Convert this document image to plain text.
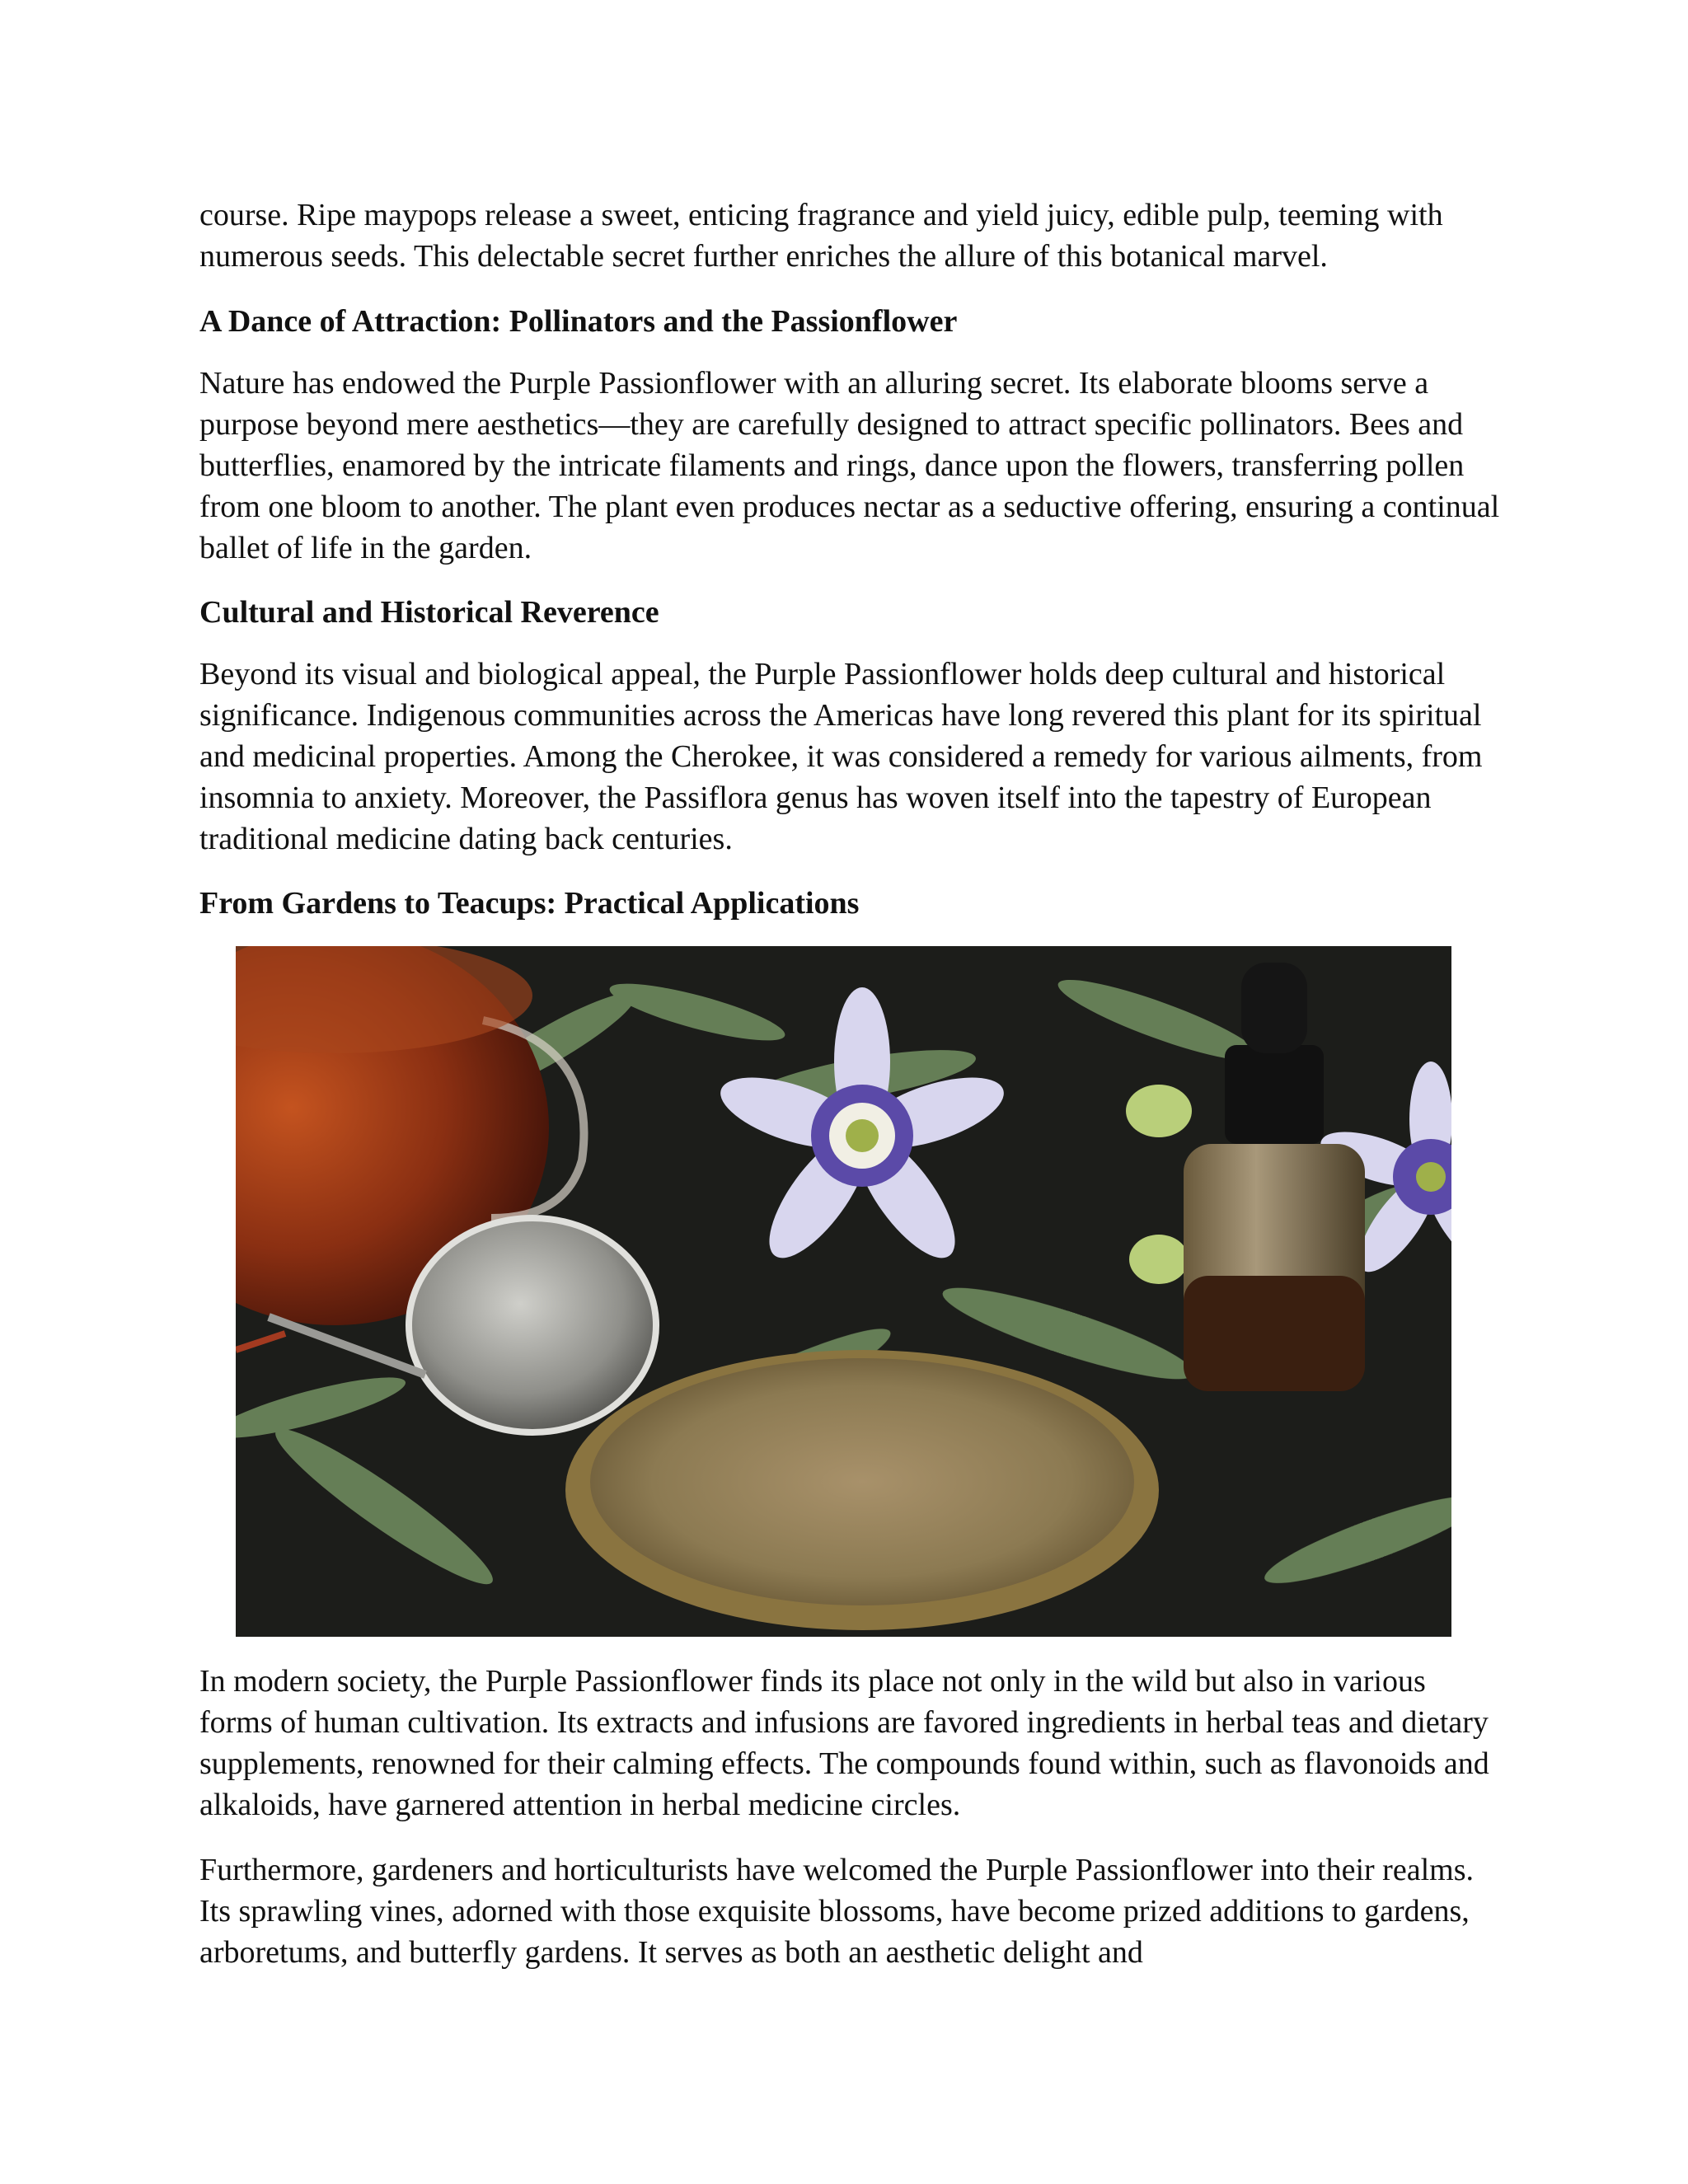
course. Ripe maypops release a sweet, enticing fragrance and yield juicy, edible pulp, teeming with numerous seeds. This delectable secret further enriches the allure of this botanical marvel.

A Dance of Attraction: Pollinators and the Passionflower

Nature has endowed the Purple Passionflower with an alluring secret. Its elaborate blooms serve a purpose beyond mere aesthetics—they are carefully designed to attract specific pollinators. Bees and butterflies, enamored by the intricate filaments and rings, dance upon the flowers, transferring pollen from one bloom to another. The plant even produces nectar as a seductive offering, ensuring a continual ballet of life in the garden.

Cultural and Historical Reverence

Beyond its visual and biological appeal, the Purple Passionflower holds deep cultural and historical significance. Indigenous communities across the Americas have long revered this plant for its spiritual and medicinal properties. Among the Cherokee, it was considered a remedy for various ailments, from insomnia to anxiety. Moreover, the Passiflora genus has woven itself into the tapestry of European traditional medicine dating back centuries.

From Gardens to Teacups: Practical Applications

In modern society, the Purple Passionflower finds its place not only in the wild but also in various forms of human cultivation. Its extracts and infusions are favored ingredients in herbal teas and dietary supplements, renowned for their calming effects. The compounds found within, such as flavonoids and alkaloids, have garnered attention in herbal medicine circles.

Furthermore, gardeners and horticulturists have welcomed the Purple Passionflower into their realms. Its sprawling vines, adorned with those exquisite blossoms, have become prized additions to gardens, arboretums, and butterfly gardens. It serves as both an aesthetic delight and
